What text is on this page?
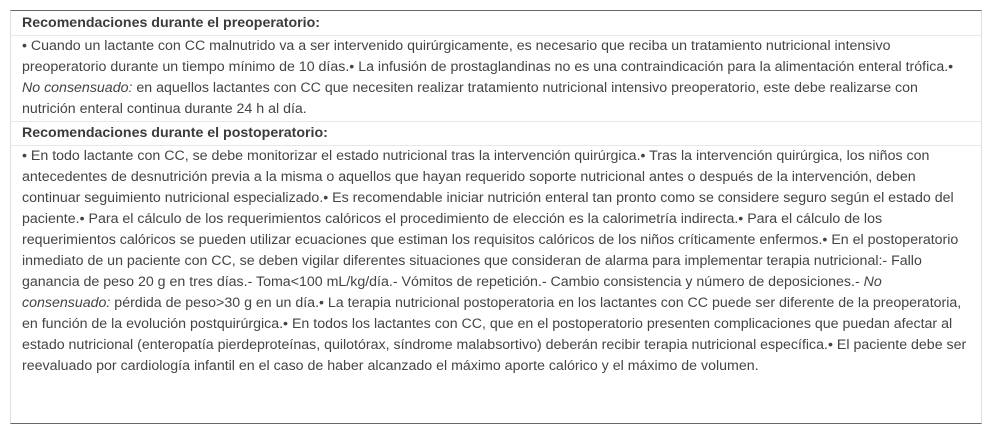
Recomendaciones durante el preoperatorio:
• Cuando un lactante con CC malnutrido va a ser intervenido quirúrgicamente, es necesario que reciba un tratamiento nutricional intensivo preoperatorio durante un tiempo mínimo de 10 días.• La infusión de prostaglandinas no es una contraindicación para la alimentación enteral trófica.• No consensuado: en aquellos lactantes con CC que necesiten realizar tratamiento nutricional intensivo preoperatorio, este debe realizarse con nutrición enteral continua durante 24 h al día.
Recomendaciones durante el postoperatorio:
• En todo lactante con CC, se debe monitorizar el estado nutricional tras la intervención quirúrgica.• Tras la intervención quirúrgica, los niños con antecedentes de desnutrición previa a la misma o aquellos que hayan requerido soporte nutricional antes o después de la intervención, deben continuar seguimiento nutricional especializado.• Es recomendable iniciar nutrición enteral tan pronto como se considere seguro según el estado del paciente.• Para el cálculo de los requerimientos calóricos el procedimiento de elección es la calorimetría indirecta.• Para el cálculo de los requerimientos calóricos se pueden utilizar ecuaciones que estiman los requisitos calóricos de los niños críticamente enfermos.• En el postoperatorio inmediato de un paciente con CC, se deben vigilar diferentes situaciones que consideran de alarma para implementar terapia nutricional:- Fallo ganancia de peso 20 g en tres días.- Toma<100 mL/kg/día.- Vómitos de repetición.- Cambio consistencia y número de deposiciones.- No consensuado: pérdida de peso>30 g en un día.• La terapia nutricional postoperatoria en los lactantes con CC puede ser diferente de la preoperatoria, en función de la evolución postquirúrgica.• En todos los lactantes con CC, que en el postoperatorio presenten complicaciones que puedan afectar al estado nutricional (enteropatía pierdeproteínas, quilotórax, síndrome malabsortivo) deberán recibir terapia nutricional específica.• El paciente debe ser reevaluado por cardiología infantil en el caso de haber alcanzado el máximo aporte calórico y el máximo de volumen.
